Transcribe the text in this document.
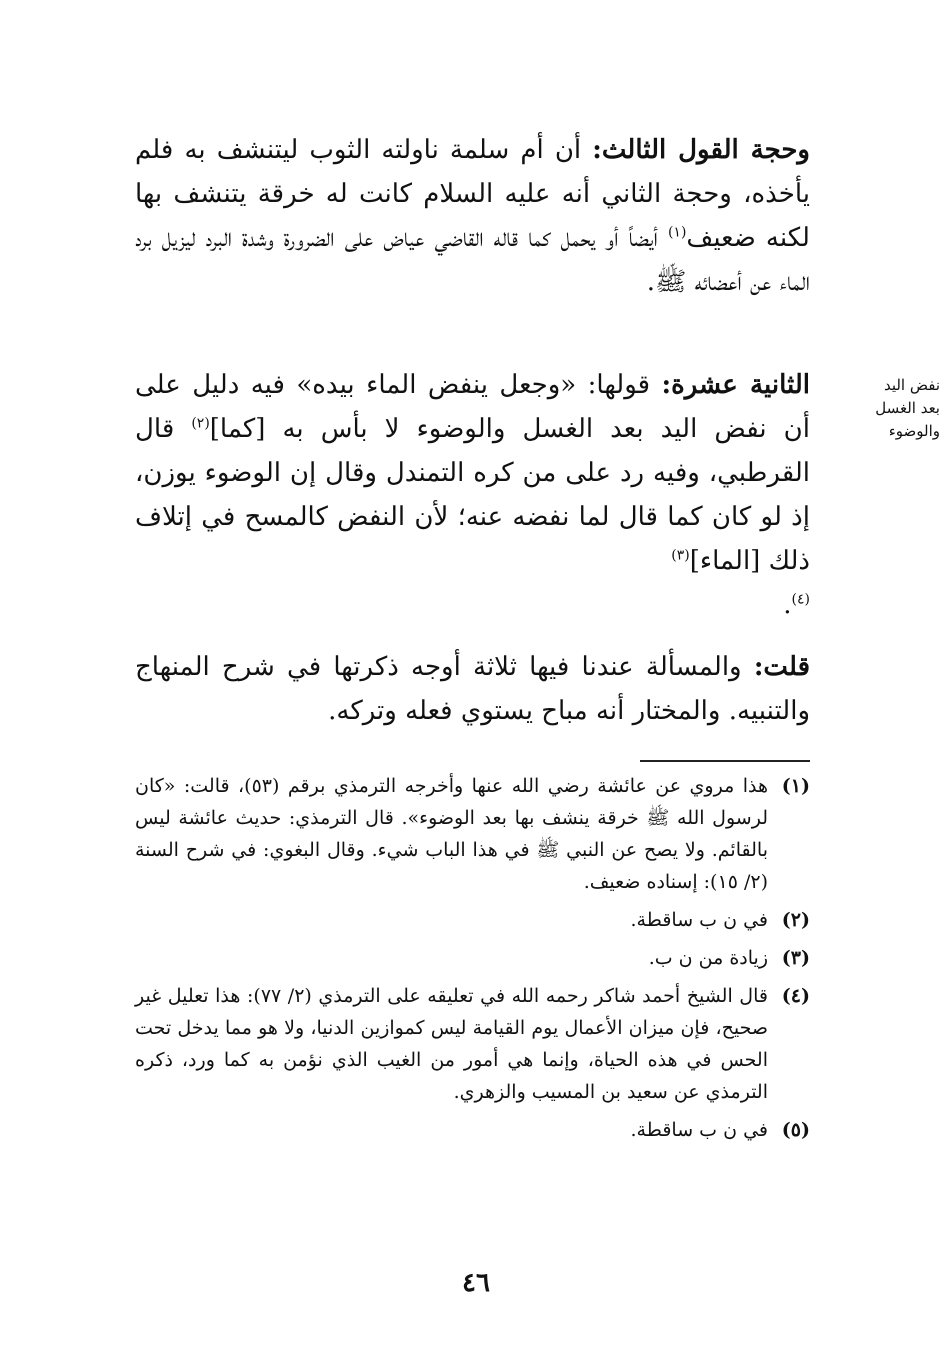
وحجة القول الثالث: أن أم سلمة ناولته الثوب ليتنشف به فلم يأخذه، وحجة الثاني أنه عليه السلام كانت له خرقة يتنشف بها لكنه ضعيف$^{(١)}$ أيضاً أو يحمل كما قاله القاضي عياض على الضرورة وشدة البرد ليزيل برد الماء عن أعضائه ﷺ.

نفض اليد
بعد الغسل
والوضوء

الثانية عشرة: قولها: «وجعل ينفض الماء بيده» فيه دليل على أن نفض اليد بعد الغسل والوضوء لا بأس به [كما]$^{(٢)}$ قال القرطبي، وفيه رد على من كره التمندل وقال إن الوضوء يوزن، إذ لو كان كما قال لما نفضه عنه؛ لأن النفض كالمسح في إتلاف ذلك [الماء]$^{(٣)}$
$^{(٤)}$.

قلت: والمسألة عندنا فيها ثلاثة أوجه ذكرتها في شرح المنهاج والتنبيه. والمختار أنه مباح يستوي فعله وتركه.

(١)
هذا مروي عن عائشة رضي الله عنها وأخرجه الترمذي برقم (٥٣)، قالت: «كان لرسول الله ﷺ خرقة ينشف بها بعد الوضوء». قال الترمذي: حديث عائشة ليس بالقائم. ولا يصح عن النبي ﷺ في هذا الباب شيء. وقال البغوي: في شرح السنة (٢/ ١٥): إسناده ضعيف.
(٢)
في ن ب ساقطة.
(٣)
زيادة من ن ب.
(٤)
قال الشيخ أحمد شاكر رحمه الله في تعليقه على الترمذي (٢/ ٧٧): هذا تعليل غير صحيح، فإن ميزان الأعمال يوم القيامة ليس كموازين الدنيا، ولا هو مما يدخل تحت الحس في هذه الحياة، وإنما هي أمور من الغيب الذي نؤمن به كما ورد، ذكره الترمذي عن سعيد بن المسيب والزهري.
(٥)
في ن ب ساقطة.
٤٦
